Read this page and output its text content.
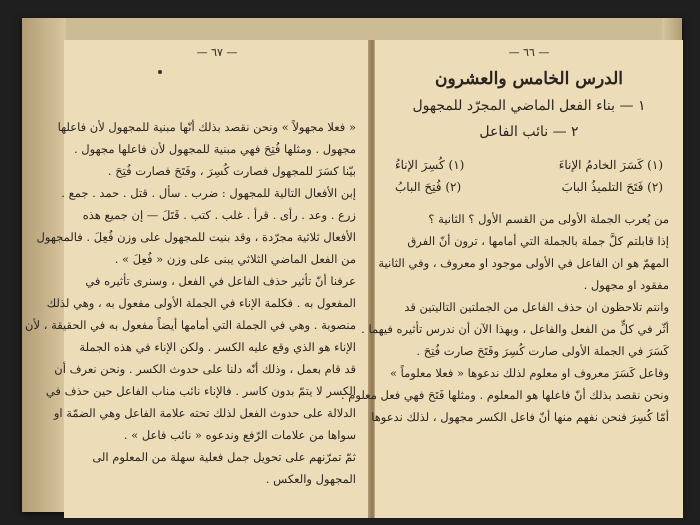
— ٦٧ —
« فعلا مجهولاً » ونحن نقصد بذلك أنّها مبنية للمجهول لأن فاعلها
مجهول . ومثلها فُتِحَ فهي مبنية للمجهول لأن فاعلها مجهول .
بيّنا كسَرَ للمجهول فصارت كُسِرَ ، وفَتَحَ فصارت فُتِحَ .
إبن الأفعال التالية للمجهول : ضرب . سأل . قتل . حمد . جمع .
زرع . وعد . رأى . قرأ . غلب . كتب . قَتَلَ — إن جميع هذه
الأفعال ثلاثية مجرّدة ، وقد بنيت للمجهول على وزن فُعِلَ . فالمجهول
من الفعل الماضي الثلاثي يبنى على وزن « فُعِلَ » .
عرفنا أنّ تأثير حذف الفاعل في الفعل ، وسنرى تأثيره في
المفعول به . فكلمة الإناء في الجملة الأولى مفعول به ، وهي لذلك
منصوبة . وهي في الجملة التي أمامها أيضاً مفعول به في الحقيقة ، لأن
الإناء هو الذي وقع عليه الكسر . ولكن الإناء في هذه الجملة
قد قام بعمل ، وذلك أنّه دلنا على حدوث الكسر . ونحن نعرف أن
الكسر لا يتمّ بدون كاسر . فالإناء نائب مناب الفاعل حين حذف في
الدلالة على حدوث الفعل لذلك تحته علامة الفاعل وهي الضمّة او
سواها من علامات الرّفع وندعوه « نائب فاعل » .
ثمّ تمرّنهم على تحويل جمل فعلية سهلة من المعلوم الى
المجهول والعكس .
— ٦٦ —
الدرس الخامس والعشرون
١ — بناء الفعل الماضي المجرّد للمجهول
٢ — نائب الفاعل
(١) كَسَرَ الخادمُ الإناءَ
(١) كُسِرَ الإناءُ
(٢) فَتَحَ التلميذُ البابَ
(٢) فُتِحَ البابُ
من يُعرب الجملة الأولى من القسم الأول ؟ الثانية ؟
إذا قابلتم كلَّ جملة بالجملة التي أمامها ، ترون أنّ الفرق
المهمّ هو ان الفاعل في الأولى موجود او معروف ، وفي الثانية
مفقود او مجهول .
وانتم تلاحظون ان حذف الفاعل من الجملتين التاليتين قد
أثّر في كلٍّ من الفعل والفاعل ، وبهذا الآن أن ندرس تأثيره فيهما .
كَسَرَ في الجملة الأولى صارت كُسِرَ وفَتَحَ صارت فُتِحَ .
وفاعل كَسَرَ معروف او معلوم لذلك ندعوها « فعلا معلوماً »
ونحن نقصد بذلك أنّ فاعلها هو المعلوم . ومثلها فَتَحَ فهي فعل معلوم .
أمّا كُسِرَ فنحن نفهم منها أنّ فاعل الكسر مجهول ، لذلك ندعوها
